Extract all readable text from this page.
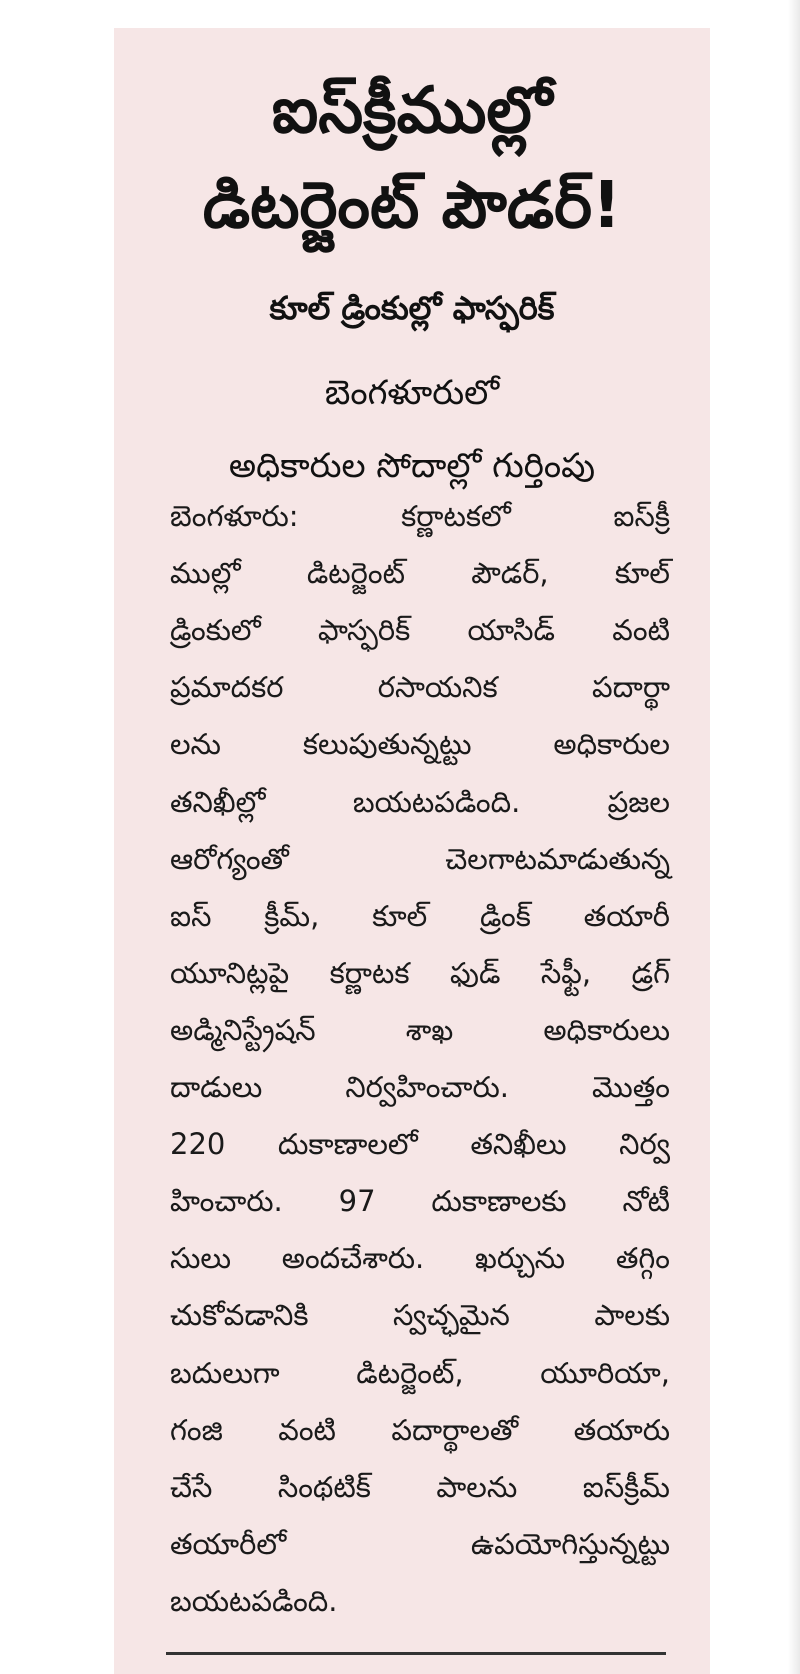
ఐస్‌క్రీముల్లో
డిటర్జెంట్ పౌడర్!

కూల్ డ్రింకుల్లో ఫాస్ఫరిక్

బెంగళూరులో

అధికారుల సోదాల్లో గుర్తింపు

బెంగళూరు: కర్ణాటకలో ఐస్‌క్రీ

ముల్లో డిటర్జెంట్ పౌడర్, కూల్

డ్రింకులో ఫాస్ఫరిక్ యాసిడ్ వంటి

ప్రమాదకర రసాయనిక పదార్థా

లను కలుపుతున్నట్టు అధికారుల

తనిఖీల్లో బయటపడింది. ప్రజల

ఆరోగ్యంతో చెలగాటమాడుతున్న

ఐస్ క్రీమ్, కూల్ డ్రింక్ తయారీ

యూనిట్లపై కర్ణాటక ఫుడ్ సేఫ్టీ, డ్రగ్

అడ్మినిస్ట్రేషన్ శాఖ అధికారులు

దాడులు నిర్వహించారు. మొత్తం

220 దుకాణాలలో తనిఖీలు నిర్వ

హించారు. 97 దుకాణాలకు నోటీ

సులు అందచేశారు. ఖర్చును తగ్గిం

చుకోవడానికి స్వచ్ఛమైన పాలకు

బదులుగా డిటర్జెంట్, యూరియా,

గంజి వంటి పదార్థాలతో తయారు

చేసే సింథటిక్ పాలను ఐస్‌క్రీమ్

తయారీలో ఉపయోగిస్తున్నట్టు

బయటపడింది.
